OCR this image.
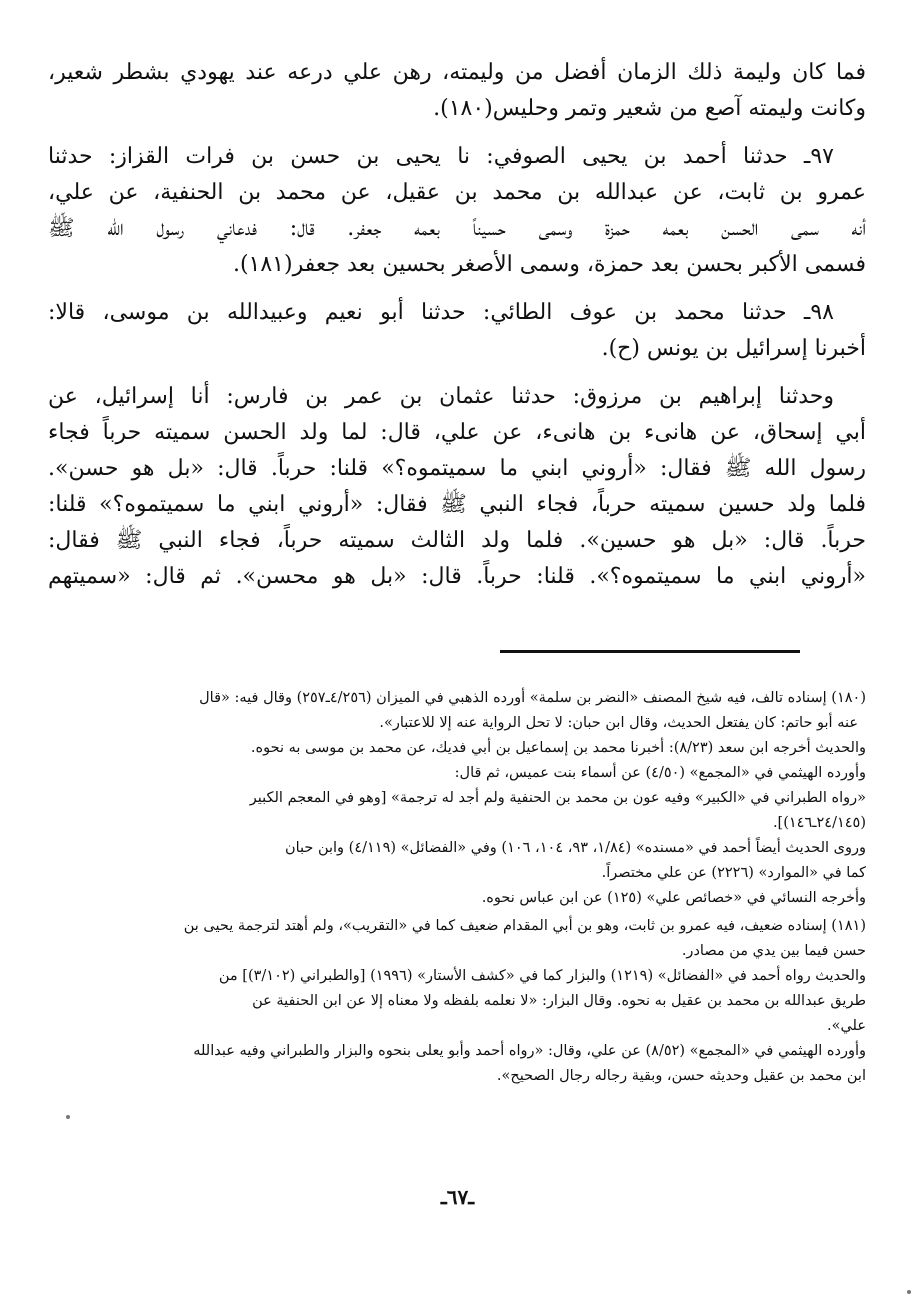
فما كان وليمة ذلك الزمان أفضل من وليمته، رهن علي درعه عند يهودي بشطر شعير،
وكانت وليمته آصع من شعير وتمر وحليس(١٨٠).

٩٧ـ حدثنا أحمد بن يحيى الصوفي: نا يحيى بن حسن بن فرات القزاز: حدثنا
عمرو بن ثابت، عن عبدالله بن محمد بن عقيل، عن محمد بن الحنفية، عن علي،
أنه سمى الحسن بعمه حمزة وسمى حسيناً بعمه جعفر. قال: فدعاني رسول الله ﷺ
فسمى الأكبر بحسن بعد حمزة، وسمى الأصغر بحسين بعد جعفر(١٨١).

٩٨ـ حدثنا محمد بن عوف الطائي: حدثنا أبو نعيم وعبيدالله بن موسى، قالا:
أخبرنا إسرائيل بن يونس (ح).

وحدثنا إبراهيم بن مرزوق: حدثنا عثمان بن عمر بن فارس: أنا إسرائيل، عن
أبي إسحاق، عن هانىء بن هانىء، عن علي، قال: لما ولد الحسن سميته حرباً فجاء
رسول الله ﷺ فقال: «أروني ابني ما سميتموه؟» قلنا: حرباً. قال: «بل هو حسن».
فلما ولد حسين سميته حرباً، فجاء النبي ﷺ فقال: «أروني ابني ما سميتموه؟» قلنا:
حرباً. قال: «بل هو حسين». فلما ولد الثالث سميته حرباً، فجاء النبي ﷺ فقال:
«أروني ابني ما سميتموه؟». قلنا: حرباً. قال: «بل هو محسن». ثم قال: «سميتهم

(١٨٠) إسناده تالف، فيه شيخ المصنف «النضر بن سلمة» أورده الذهبي في الميزان (٤/٢٥٦ـ٢٥٧) وقال فيه: «قال
عنه أبو حاتم: كان يفتعل الحديث، وقال ابن حبان: لا تحل الرواية عنه إلا للاعتبار».
والحديث أخرجه ابن سعد (٨/٢٣): أخبرنا محمد بن إسماعيل بن أبي فديك، عن محمد بن موسى به نحوه.
وأورده الهيثمي في «المجمع» (٤/٥٠) عن أسماء بنت عميس، ثم قال:
«رواه الطبراني في «الكبير» وفيه عون بن محمد بن الحنفية ولم أجد له ترجمة» [وهو في المعجم الكبير
(٢٤/١٤٥ـ١٤٦)].
وروى الحديث أيضاً أحمد في «مسنده» (١/٨٤، ٩٣، ١٠٤، ١٠٦) وفي «الفضائل» (٤/١١٩) وابن حبان
كما في «الموارد» (٢٢٢٦) عن علي مختصراً.
وأخرجه النسائي في «خصائص علي» (١٢٥) عن ابن عباس نحوه.
(١٨١) إسناده ضعيف، فيه عمرو بن ثابت، وهو بن أبي المقدام ضعيف كما في «التقريب»، ولم أهتد لترجمة يحيى بن
حسن فيما بين يدي من مصادر.
والحديث رواه أحمد في «الفضائل» (١٢١٩) والبزار كما في «كشف الأستار» (١٩٩٦) [والطبراني (٣/١٠٢)] من
طريق عبدالله بن محمد بن عقيل به نحوه. وقال البزار: «لا نعلمه بلفظه ولا معناه إلا عن ابن الحنفية عن
علي».
وأورده الهيثمي في «المجمع» (٨/٥٢) عن علي، وقال: «رواه أحمد وأبو يعلى بنحوه والبزار والطبراني وفيه عبدالله
ابن محمد بن عقيل وحديثه حسن، وبقية رجاله رجال الصحيح».
ـ٦٧ـ
